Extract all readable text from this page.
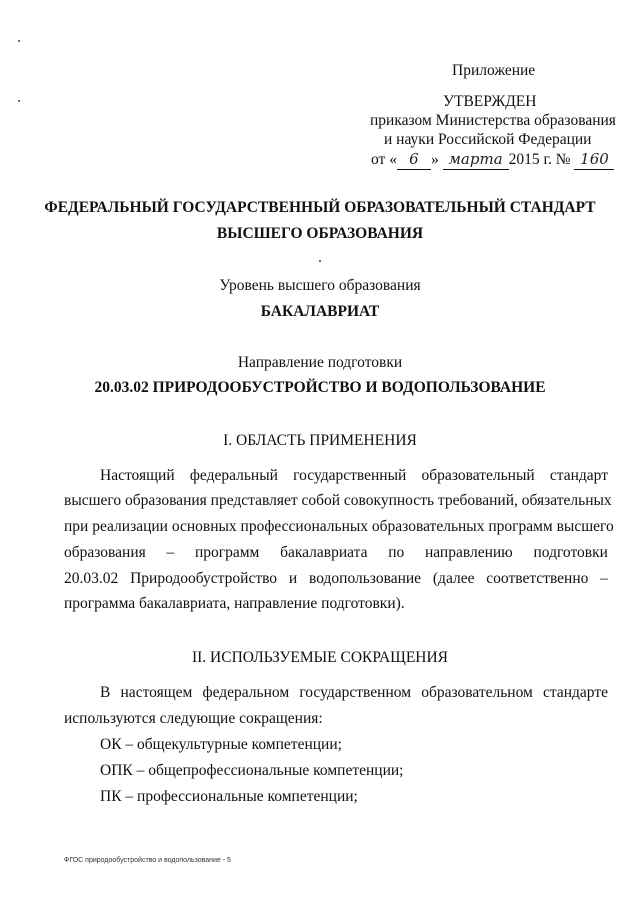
Приложение
УТВЕРЖДЕН
приказом Министерства образования
и науки Российской Федерации
от « 6 » марта 2015 г. № 160
ФЕДЕРАЛЬНЫЙ ГОСУДАРСТВЕННЫЙ ОБРАЗОВАТЕЛЬНЫЙ СТАНДАРТ
ВЫСШЕГО ОБРАЗОВАНИЯ
Уровень высшего образования
БАКАЛАВРИАТ
Направление подготовки
20.03.02 ПРИРОДООБУСТРОЙСТВО И ВОДОПОЛЬЗОВАНИЕ
I. ОБЛАСТЬ ПРИМЕНЕНИЯ
Настоящий федеральный государственный образовательный стандарт
высшего образования представляет собой совокупность требований, обязательных
при реализации основных профессиональных образовательных программ высшего
образования – программ бакалавриата по направлению подготовки
20.03.02 Природообустройство и водопользование (далее соответственно –
программа бакалавриата, направление подготовки).
II. ИСПОЛЬЗУЕМЫЕ СОКРАЩЕНИЯ
В настоящем федеральном государственном образовательном стандарте
используются следующие сокращения:
ОК – общекультурные компетенции;
ОПК – общепрофессиональные компетенции;
ПК – профессиональные компетенции;
ФГОС природообустройство и водопользование - 5
